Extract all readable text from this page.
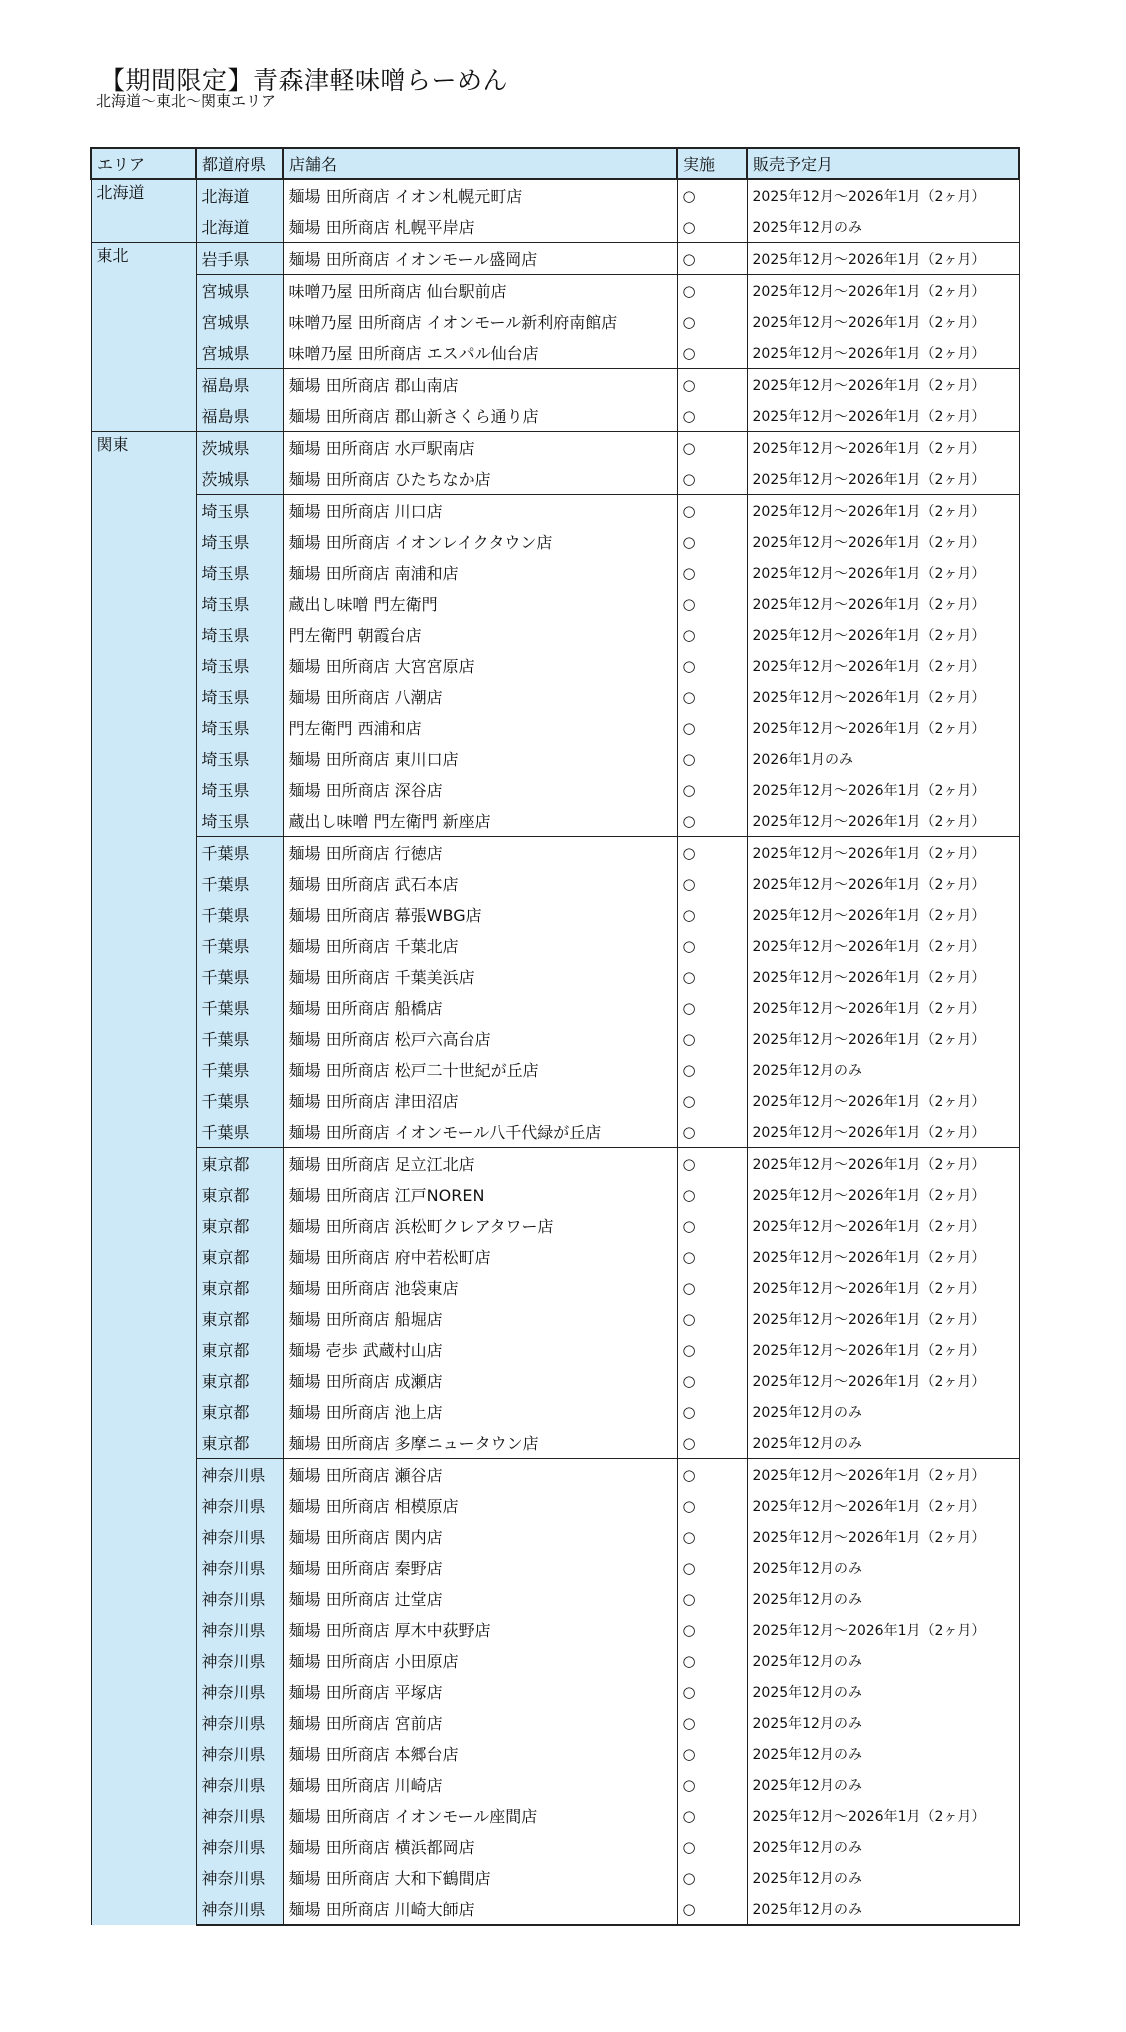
【期間限定】青森津軽味噌らーめん
北海道〜東北〜関東エリア
エリア	都道府県	店舗名	実施	販売予定月
北海道	北海道	麺場 田所商店 イオン札幌元町店	○	2025年12月〜2026年1月（2ヶ月）
	北海道	麺場 田所商店 札幌平岸店	○	2025年12月のみ
東北	岩手県	麺場 田所商店 イオンモール盛岡店	○	2025年12月〜2026年1月（2ヶ月）
	宮城県	味噌乃屋 田所商店 仙台駅前店	○	2025年12月〜2026年1月（2ヶ月）
	宮城県	味噌乃屋 田所商店 イオンモール新利府南館店	○	2025年12月〜2026年1月（2ヶ月）
	宮城県	味噌乃屋 田所商店 エスパル仙台店	○	2025年12月〜2026年1月（2ヶ月）
	福島県	麺場 田所商店 郡山南店	○	2025年12月〜2026年1月（2ヶ月）
	福島県	麺場 田所商店 郡山新さくら通り店	○	2025年12月〜2026年1月（2ヶ月）
関東	茨城県	麺場 田所商店 水戸駅南店	○	2025年12月〜2026年1月（2ヶ月）
	茨城県	麺場 田所商店 ひたちなか店	○	2025年12月〜2026年1月（2ヶ月）
	埼玉県	麺場 田所商店 川口店	○	2025年12月〜2026年1月（2ヶ月）
	埼玉県	麺場 田所商店 イオンレイクタウン店	○	2025年12月〜2026年1月（2ヶ月）
	埼玉県	麺場 田所商店 南浦和店	○	2025年12月〜2026年1月（2ヶ月）
	埼玉県	蔵出し味噌 門左衛門	○	2025年12月〜2026年1月（2ヶ月）
	埼玉県	門左衛門 朝霞台店	○	2025年12月〜2026年1月（2ヶ月）
	埼玉県	麺場 田所商店 大宮宮原店	○	2025年12月〜2026年1月（2ヶ月）
	埼玉県	麺場 田所商店 八潮店	○	2025年12月〜2026年1月（2ヶ月）
	埼玉県	門左衛門 西浦和店	○	2025年12月〜2026年1月（2ヶ月）
	埼玉県	麺場 田所商店 東川口店	○	2026年1月のみ
	埼玉県	麺場 田所商店 深谷店	○	2025年12月〜2026年1月（2ヶ月）
	埼玉県	蔵出し味噌 門左衛門 新座店	○	2025年12月〜2026年1月（2ヶ月）
	千葉県	麺場 田所商店 行徳店	○	2025年12月〜2026年1月（2ヶ月）
	千葉県	麺場 田所商店 武石本店	○	2025年12月〜2026年1月（2ヶ月）
	千葉県	麺場 田所商店 幕張WBG店	○	2025年12月〜2026年1月（2ヶ月）
	千葉県	麺場 田所商店 千葉北店	○	2025年12月〜2026年1月（2ヶ月）
	千葉県	麺場 田所商店 千葉美浜店	○	2025年12月〜2026年1月（2ヶ月）
	千葉県	麺場 田所商店 船橋店	○	2025年12月〜2026年1月（2ヶ月）
	千葉県	麺場 田所商店 松戸六高台店	○	2025年12月〜2026年1月（2ヶ月）
	千葉県	麺場 田所商店 松戸二十世紀が丘店	○	2025年12月のみ
	千葉県	麺場 田所商店 津田沼店	○	2025年12月〜2026年1月（2ヶ月）
	千葉県	麺場 田所商店 イオンモール八千代緑が丘店	○	2025年12月〜2026年1月（2ヶ月）
	東京都	麺場 田所商店 足立江北店	○	2025年12月〜2026年1月（2ヶ月）
	東京都	麺場 田所商店 江戸NOREN	○	2025年12月〜2026年1月（2ヶ月）
	東京都	麺場 田所商店 浜松町クレアタワー店	○	2025年12月〜2026年1月（2ヶ月）
	東京都	麺場 田所商店 府中若松町店	○	2025年12月〜2026年1月（2ヶ月）
	東京都	麺場 田所商店 池袋東店	○	2025年12月〜2026年1月（2ヶ月）
	東京都	麺場 田所商店 船堀店	○	2025年12月〜2026年1月（2ヶ月）
	東京都	麺場 壱歩 武蔵村山店	○	2025年12月〜2026年1月（2ヶ月）
	東京都	麺場 田所商店 成瀬店	○	2025年12月〜2026年1月（2ヶ月）
	東京都	麺場 田所商店 池上店	○	2025年12月のみ
	東京都	麺場 田所商店 多摩ニュータウン店	○	2025年12月のみ
	神奈川県	麺場 田所商店 瀬谷店	○	2025年12月〜2026年1月（2ヶ月）
	神奈川県	麺場 田所商店 相模原店	○	2025年12月〜2026年1月（2ヶ月）
	神奈川県	麺場 田所商店 関内店	○	2025年12月〜2026年1月（2ヶ月）
	神奈川県	麺場 田所商店 秦野店	○	2025年12月のみ
	神奈川県	麺場 田所商店 辻堂店	○	2025年12月のみ
	神奈川県	麺場 田所商店 厚木中荻野店	○	2025年12月〜2026年1月（2ヶ月）
	神奈川県	麺場 田所商店 小田原店	○	2025年12月のみ
	神奈川県	麺場 田所商店 平塚店	○	2025年12月のみ
	神奈川県	麺場 田所商店 宮前店	○	2025年12月のみ
	神奈川県	麺場 田所商店 本郷台店	○	2025年12月のみ
	神奈川県	麺場 田所商店 川崎店	○	2025年12月のみ
	神奈川県	麺場 田所商店 イオンモール座間店	○	2025年12月〜2026年1月（2ヶ月）
	神奈川県	麺場 田所商店 横浜都岡店	○	2025年12月のみ
	神奈川県	麺場 田所商店 大和下鶴間店	○	2025年12月のみ
	神奈川県	麺場 田所商店 川崎大師店	○	2025年12月のみ
